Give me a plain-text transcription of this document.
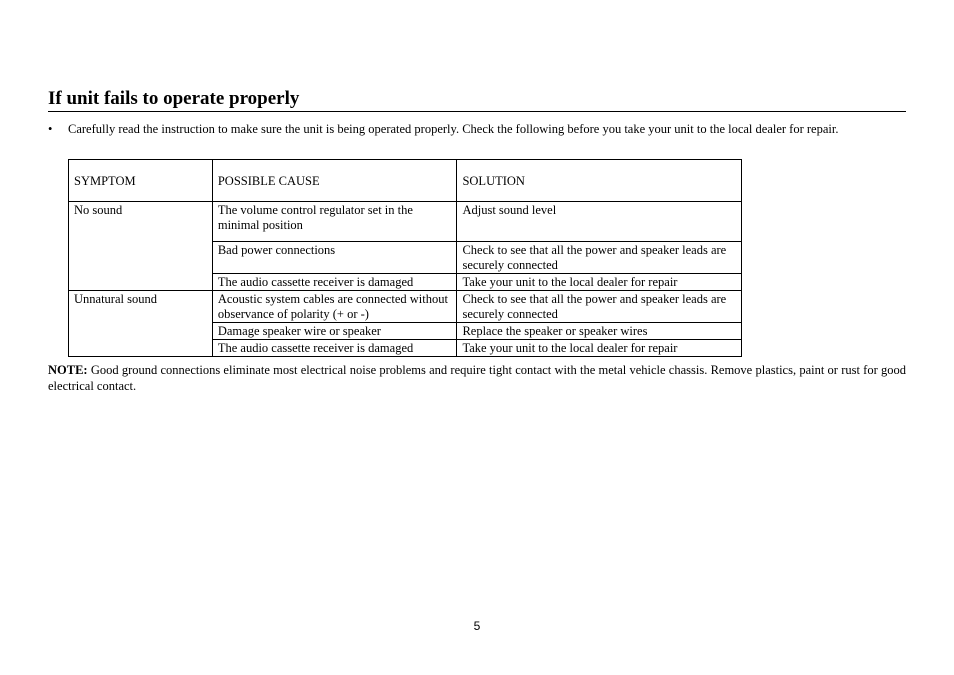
If unit fails to operate properly
• Carefully read the instruction to make sure the unit is being operated properly. Check the following before you take your unit to the local dealer for repair.
SYMPTOM	POSSIBLE CAUSE	SOLUTION
No sound	The volume control regulator set in the minimal position	Adjust sound level
	Bad power connections	Check to see that all the power and speaker leads are securely connected
	The audio cassette receiver is damaged	Take your unit to the local dealer for repair
Unnatural sound	Acoustic system cables are connected without observance of polarity (+ or -)	Check to see that all the power and speaker leads are securely connected
	Damage speaker wire or speaker	Replace the speaker or speaker wires
	The audio cassette receiver is damaged	Take your unit to the local dealer for repair
NOTE: Good ground connections eliminate most electrical noise problems and require tight contact with the metal vehicle chassis. Remove plastics, paint or rust for good electrical contact.
5
